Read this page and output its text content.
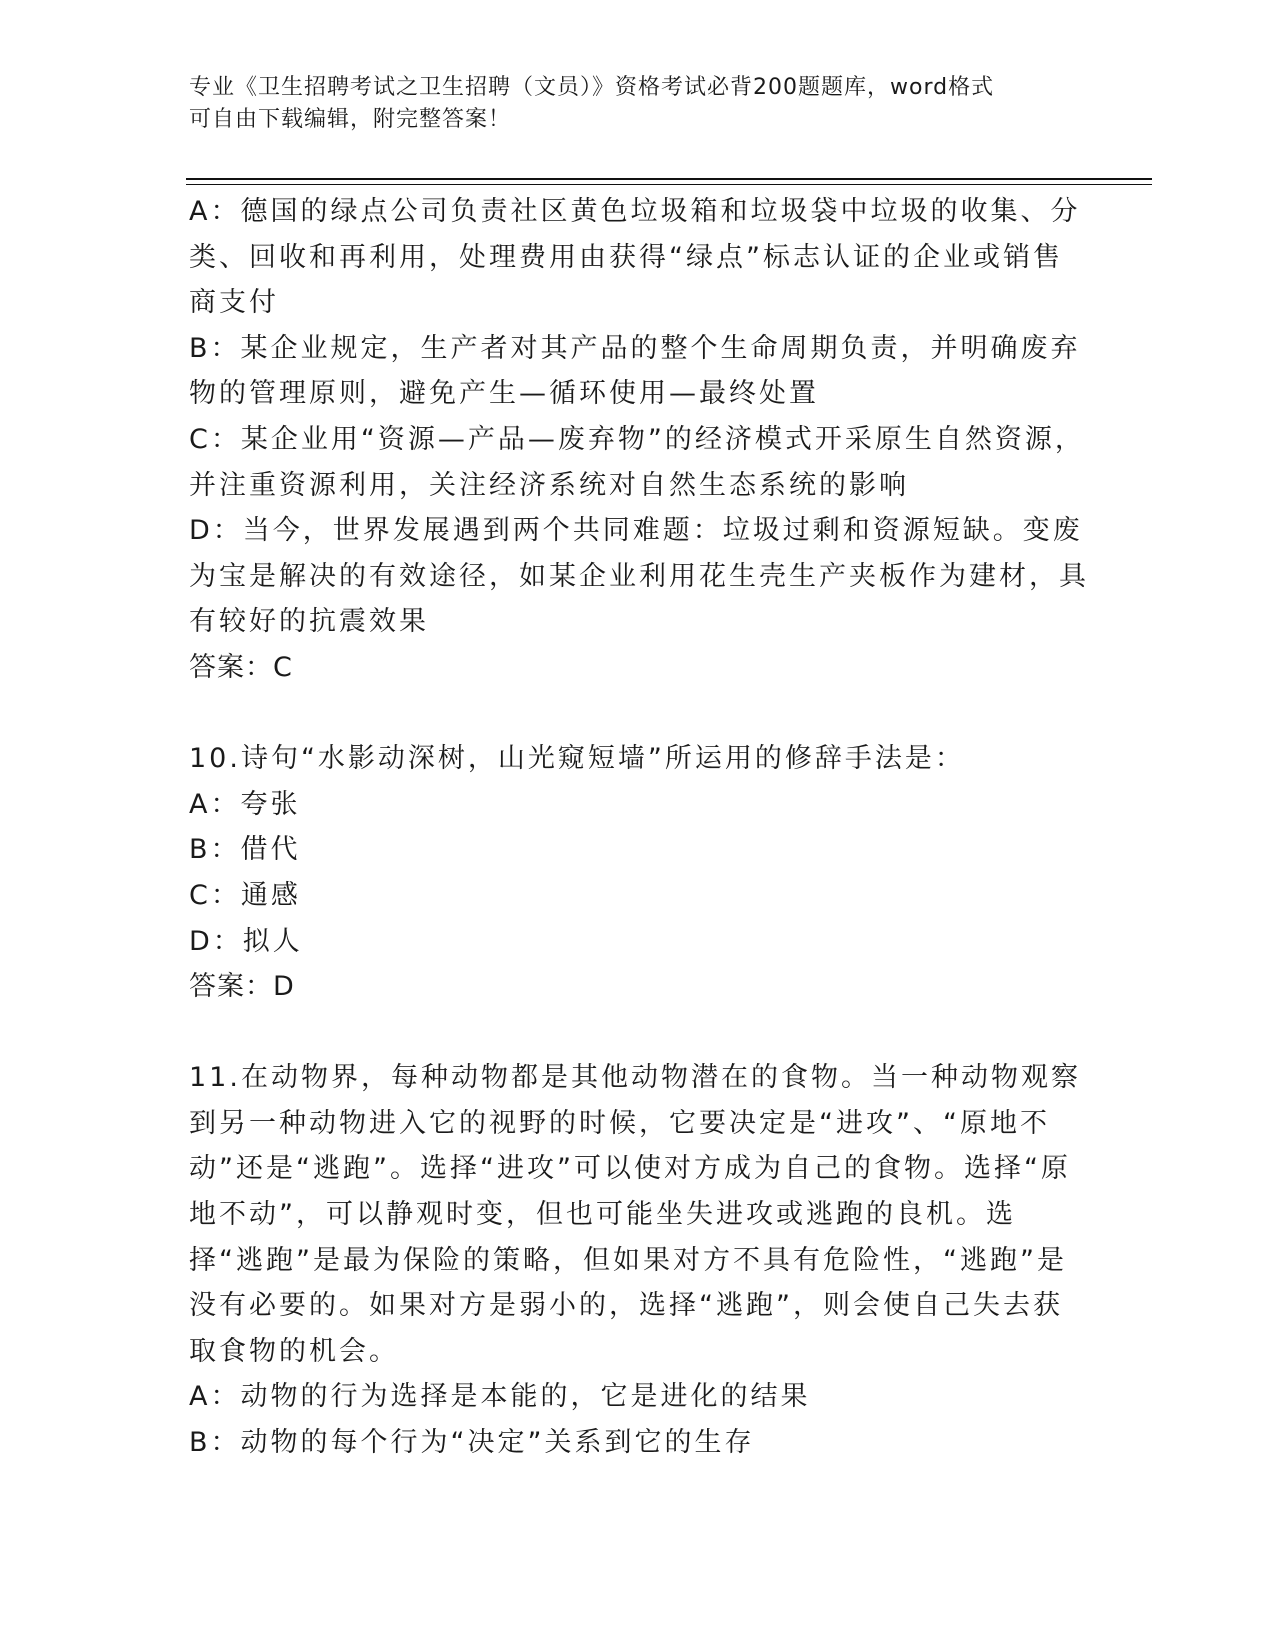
专业《卫生招聘考试之卫生招聘（文员）》资格考试必背200题题库，word格式
可自由下载编辑，附完整答案！

A：德国的绿点公司负责社区黄色垃圾箱和垃圾袋中垃圾的收集、分类、回收和再利用，处理费用由获得“绿点”标志认证的企业或销售商支付

B：某企业规定，生产者对其产品的整个生命周期负责，并明确废弃物的管理原则，避免产生—循环使用—最终处置

C：某企业用“资源—产品—废弃物”的经济模式开采原生自然资源，并注重资源利用，关注经济系统对自然生态系统的影响

D：当今，世界发展遇到两个共同难题：垃圾过剩和资源短缺。变废为宝是解决的有效途径，如某企业利用花生壳生产夹板作为建材，具有较好的抗震效果

答案：C

10.诗句“水影动深树，山光窥短墙”所运用的修辞手法是：

A：夸张

B：借代

C：通感

D：拟人

答案：D

11.在动物界，每种动物都是其他动物潜在的食物。当一种动物观察到另一种动物进入它的视野的时候，它要决定是“进攻”、“原地不动”还是“逃跑”。选择“进攻”可以使对方成为自己的食物。选择“原地不动”，可以静观时变，但也可能坐失进攻或逃跑的良机。选择“逃跑”是最为保险的策略，但如果对方不具有危险性，“逃跑”是没有必要的。如果对方是弱小的，选择“逃跑”，则会使自己失去获取食物的机会。

A：动物的行为选择是本能的，它是进化的结果

B：动物的每个行为“决定”关系到它的生存
